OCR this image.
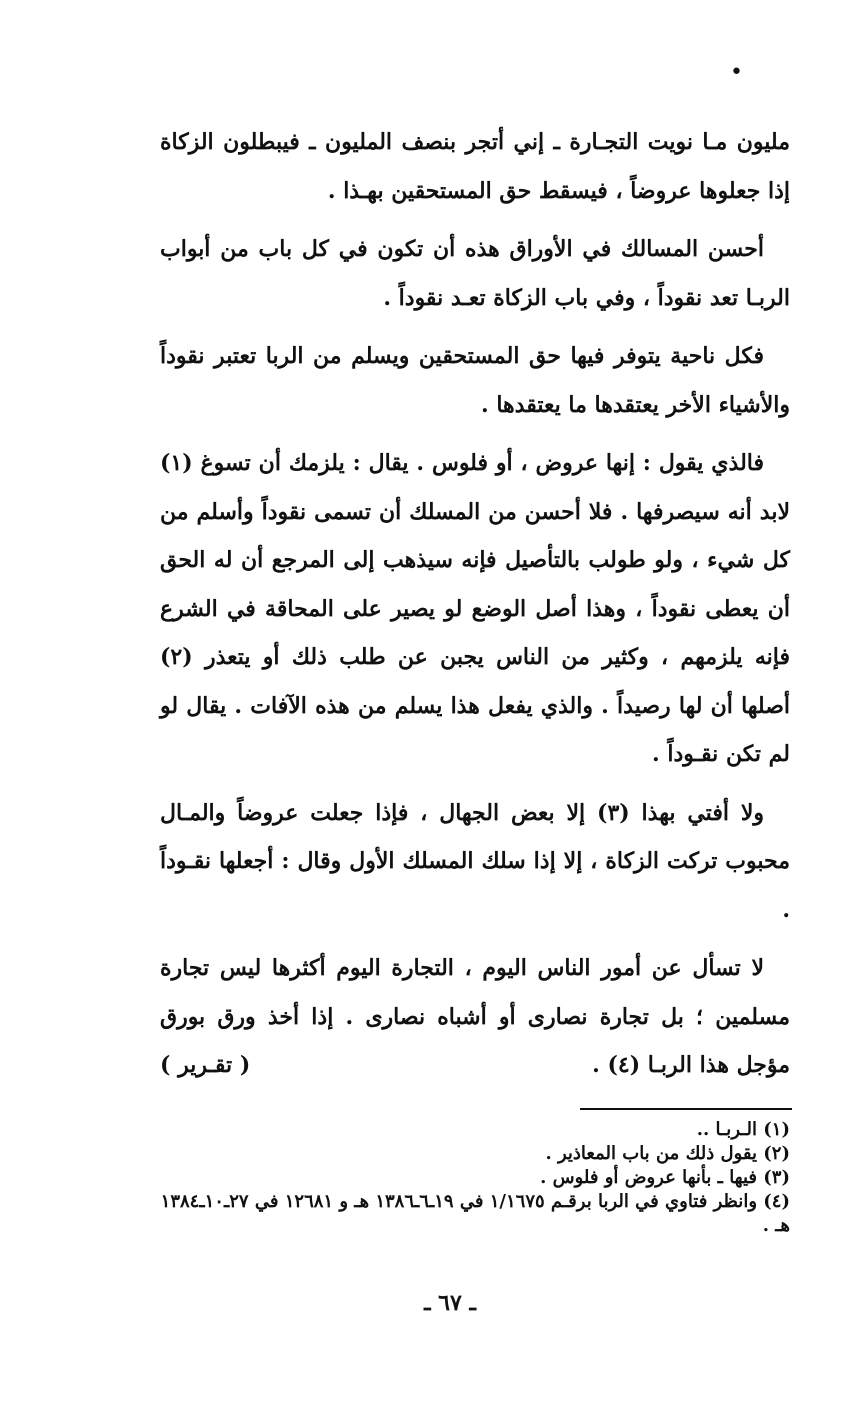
•

مليون مـا نويت التجـارة ـ إني أتجر بنصف المليون ـ فيبطلون الزكاة إذا جعلوها عروضاً ، فيسقط حق المستحقين بهـذا .

أحسن المسالك في الأوراق هذه أن تكون في كل باب من أبواب الربـا تعد نقوداً ، وفي باب الزكاة تعـد نقوداً .

فكل ناحية يتوفر فيها حق المستحقين ويسلم من الربا تعتبر نقوداً والأشياء الأخر يعتقدها ما يعتقدها .

فالذي يقول : إنها عروض ، أو فلوس . يقال : يلزمك أن تسوغ (١) لابد أنه سيصرفها . فلا أحسن من المسلك أن تسمى نقوداً وأسلم من كل شيء ، ولو طولب بالتأصيل فإنه سيذهب إلى المرجع أن له الحق أن يعطى نقوداً ، وهذا أصل الوضع لو يصير على المحاقة في الشرع فإنه يلزمهم ، وكثير من الناس يجبن عن طلب ذلك أو يتعذر (٢) أصلها أن لها رصيداً . والذي يفعل هذا يسلم من هذه الآفات . يقال لو لم تكن نقـوداً .

ولا أفتي بهذا (٣) إلا بعض الجهال ، فإذا جعلت عروضاً والمـال محبوب تركت الزكاة ، إلا إذا سلك المسلك الأول وقال : أجعلها نقـوداً .

لا تسأل عن أمور الناس اليوم ، التجارة اليوم أكثرها ليس تجارة مسلمين ؛ بل تجارة نصارى أو أشباه نصارى . إذا أخذ ورق بورق مؤجل هذا الربـا (٤) .
( تقـرير )

(١) الـربـا ..

(٢) يقول ذلك من باب المعاذير .

(٣) فيها ـ بأنها عروض أو فلوس .

(٤) وانظر فتاوي في الربا برقـم ١/١٦٧٥ في ١٩ـ٦ـ١٣٨٦ هـ و ١٢٦٨١ في ٢٧ـ١٠ـ١٣٨٤ هـ .

ـ ٦٧ ـ
